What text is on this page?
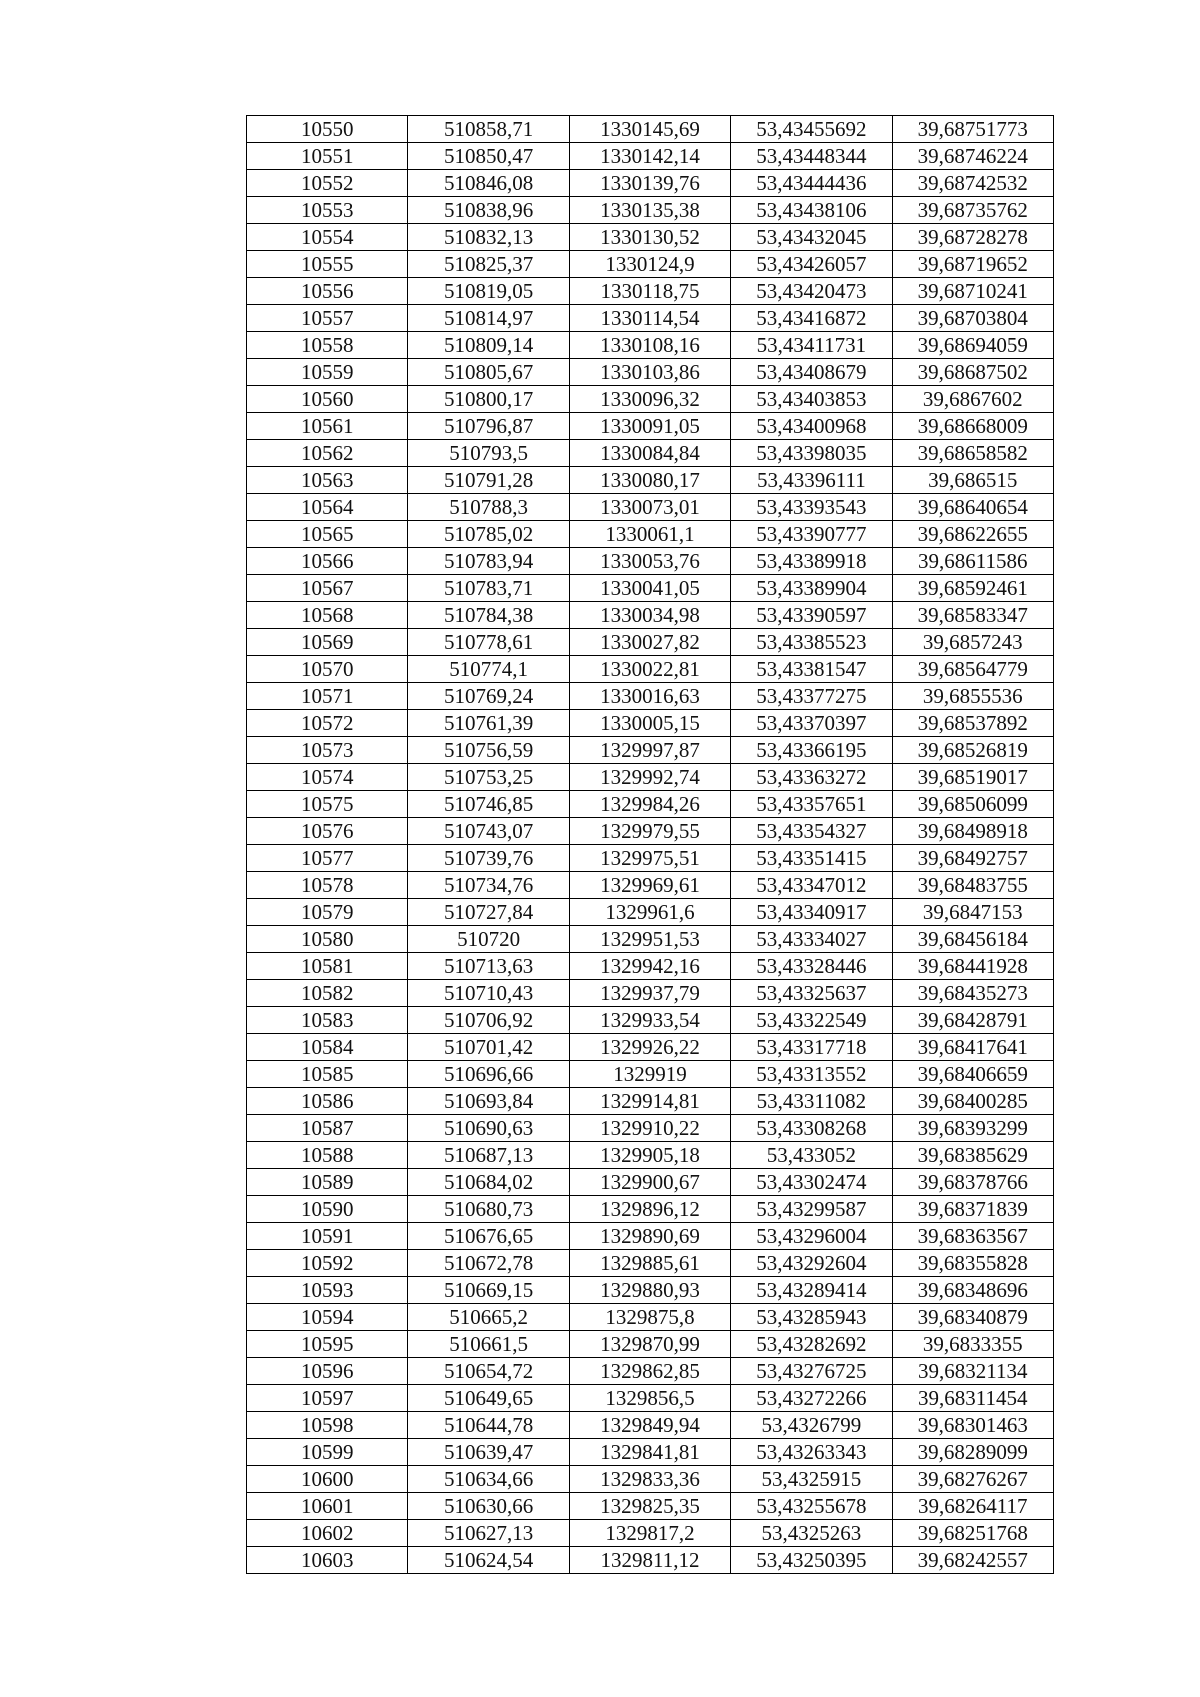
10550	510858,71	1330145,69	53,43455692	39,68751773
10551	510850,47	1330142,14	53,43448344	39,68746224
10552	510846,08	1330139,76	53,43444436	39,68742532
10553	510838,96	1330135,38	53,43438106	39,68735762
10554	510832,13	1330130,52	53,43432045	39,68728278
10555	510825,37	1330124,9	53,43426057	39,68719652
10556	510819,05	1330118,75	53,43420473	39,68710241
10557	510814,97	1330114,54	53,43416872	39,68703804
10558	510809,14	1330108,16	53,43411731	39,68694059
10559	510805,67	1330103,86	53,43408679	39,68687502
10560	510800,17	1330096,32	53,43403853	39,6867602
10561	510796,87	1330091,05	53,43400968	39,68668009
10562	510793,5	1330084,84	53,43398035	39,68658582
10563	510791,28	1330080,17	53,43396111	39,686515
10564	510788,3	1330073,01	53,43393543	39,68640654
10565	510785,02	1330061,1	53,43390777	39,68622655
10566	510783,94	1330053,76	53,43389918	39,68611586
10567	510783,71	1330041,05	53,43389904	39,68592461
10568	510784,38	1330034,98	53,43390597	39,68583347
10569	510778,61	1330027,82	53,43385523	39,6857243
10570	510774,1	1330022,81	53,43381547	39,68564779
10571	510769,24	1330016,63	53,43377275	39,6855536
10572	510761,39	1330005,15	53,43370397	39,68537892
10573	510756,59	1329997,87	53,43366195	39,68526819
10574	510753,25	1329992,74	53,43363272	39,68519017
10575	510746,85	1329984,26	53,43357651	39,68506099
10576	510743,07	1329979,55	53,43354327	39,68498918
10577	510739,76	1329975,51	53,43351415	39,68492757
10578	510734,76	1329969,61	53,43347012	39,68483755
10579	510727,84	1329961,6	53,43340917	39,6847153
10580	510720	1329951,53	53,43334027	39,68456184
10581	510713,63	1329942,16	53,43328446	39,68441928
10582	510710,43	1329937,79	53,43325637	39,68435273
10583	510706,92	1329933,54	53,43322549	39,68428791
10584	510701,42	1329926,22	53,43317718	39,68417641
10585	510696,66	1329919	53,43313552	39,68406659
10586	510693,84	1329914,81	53,43311082	39,68400285
10587	510690,63	1329910,22	53,43308268	39,68393299
10588	510687,13	1329905,18	53,433052	39,68385629
10589	510684,02	1329900,67	53,43302474	39,68378766
10590	510680,73	1329896,12	53,43299587	39,68371839
10591	510676,65	1329890,69	53,43296004	39,68363567
10592	510672,78	1329885,61	53,43292604	39,68355828
10593	510669,15	1329880,93	53,43289414	39,68348696
10594	510665,2	1329875,8	53,43285943	39,68340879
10595	510661,5	1329870,99	53,43282692	39,6833355
10596	510654,72	1329862,85	53,43276725	39,68321134
10597	510649,65	1329856,5	53,43272266	39,68311454
10598	510644,78	1329849,94	53,4326799	39,68301463
10599	510639,47	1329841,81	53,43263343	39,68289099
10600	510634,66	1329833,36	53,4325915	39,68276267
10601	510630,66	1329825,35	53,43255678	39,68264117
10602	510627,13	1329817,2	53,4325263	39,68251768
10603	510624,54	1329811,12	53,43250395	39,68242557
